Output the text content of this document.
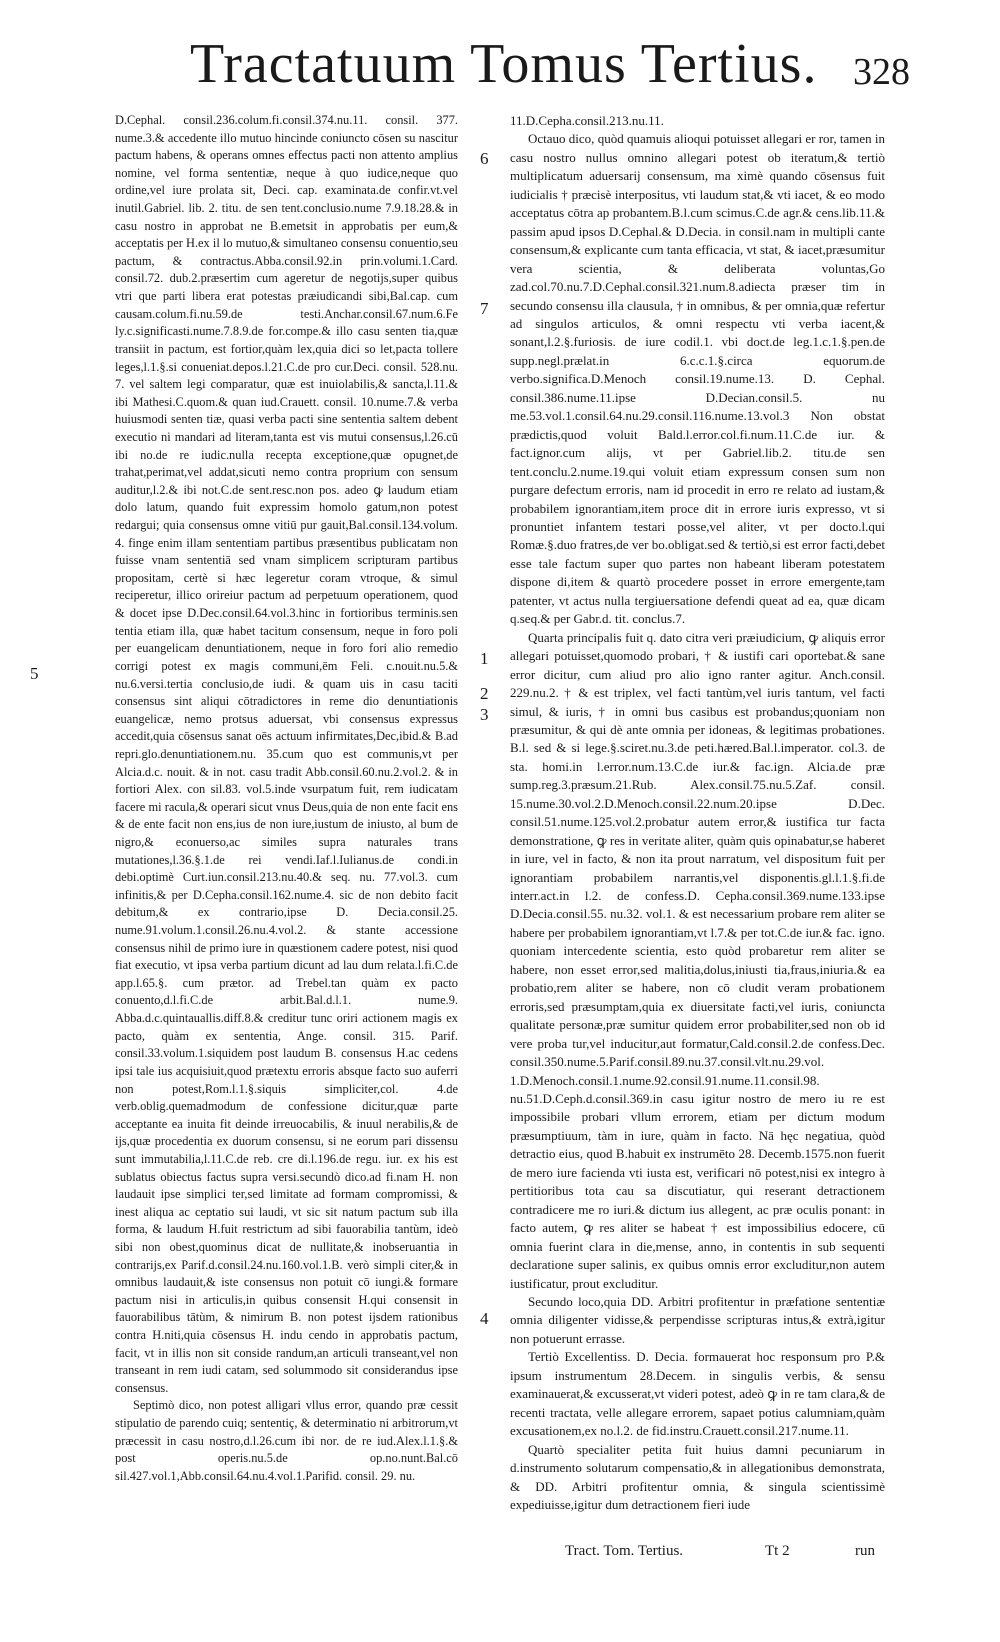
Tractatuum Tomus Tertius. 328

D.Cephal. consil.236.colum.fi.consil.374.nu.11. consil. 377. nume.3.& accedente illo mutuo hincinde coniuncto cōsen su nascitur pactum habens, & operans omnes effectus pacti non attento amplius nomine, vel forma sententiæ, neque à quo iudice,neque quo ordine,vel iure prolata sit, Deci. cap. examinata.de confir.vt.vel inutil.Gabriel. lib. 2. titu. de sen tent.conclusio.nume 7.9.18.28.& in casu nostro in approbat ne B.emetsit in approbatis per eum,& acceptatis per H.ex il lo mutuo,& simultaneo consensu conuentio,seu pactum, & contractus.Abba.consil.92.in prin.volumi.1.Card. consil.72. dub.2.præsertim cum ageretur de negotijs,super quibus vtri que parti libera erat potestas præiudicandi sibi,Bal.cap. cum causam.colum.fi.nu.59.de testi.Anchar.consil.67.num.6.Fe ly.c.significasti.nume.7.8.9.de for.compe.& illo casu senten tia,quæ transiit in pactum, est fortior,quàm lex,quia dici so let,pacta tollere leges,l.1.§.si conueniat.depos.l.21.C.de pro cur.Deci. consil. 528.nu. 7. vel saltem legi comparatur, quæ est inuiolabilis,& sancta,l.11.& ibi Mathesi.C.quom.& quan iud.Crauett. consil. 10.nume.7.& verba huiusmodi senten tiæ, quasi verba pacti sine sententia saltem debent executio ni mandari ad literam,tanta est vis mutui consensus,l.26.cū ibi no.de re iudic.nulla recepta exceptione,quæ opugnet,de trahat,perimat,vel addat,sicuti nemo contra proprium con sensum auditur,l.2.& ibi not.C.de sent.resc.non pos. adeo ꝙ laudum etiam dolo latum, quando fuit expressim homolo gatum,non potest redargui; quia consensus omne vitiū pur gauit,Bal.consil.134.volum. 4. finge enim illam sententiam partibus præsentibus publicatam non fuisse vnam sententiā sed vnam simplicem scripturam partibus propositam, certè si hæc legeretur coram vtroque, & simul reciperetur, illico orireiur pactum ad perpetuum operationem, quod & docet ipse D.Dec.consil.64.vol.3.hinc in fortioribus terminis.sen tentia etiam illa, quæ habet tacitum consensum, neque in foro poli per euangelicam denuntiationem, neque in foro fori alio remedio corrigi potest ex magis communi,ēm Feli. c.nouit.nu.5.& nu.6.versi.tertia conclusio,de iudi. & quam uis in casu taciti consensus sint aliqui cōtradictores in reme dio denuntiationis euangelicæ, nemo protsus aduersat, vbi consensus expressus accedit,quia cōsensus sanat oēs actuum infirmitates,Dec,ibid.& B.ad repri.glo.denuntiationem.nu. 35.cum quo est communis,vt per Alcia.d.c. nouit. & in not. casu tradit Abb.consil.60.nu.2.vol.2. & in fortiori Alex. con sil.83. vol.5.inde vsurpatum fuit, rem iudicatam facere mi racula,& operari sicut vnus Deus,quia de non ente facit ens & de ente facit non ens,ius de non iure,iustum de iniusto, al bum de nigro,& econuerso,ac similes supra naturales trans mutationes,l.36.§.1.de rei vendi.Iaf.l.Iulianus.de condi.in debi.optimè Curt.iun.consil.213.nu.40.& seq. nu. 77.vol.3. cum infinitis,& per D.Cepha.consil.162.nume.4. sic de non debito facit debitum,& ex contrario,ipse D. Decia.consil.25. nume.91.volum.1.consil.26.nu.4.vol.2. & stante accessione consensus nihil de primo iure in quæstionem cadere potest, nisi quod fiat executio, vt ipsa verba partium dicunt ad lau dum relata.l.fi.C.de app.l.65.§. cum prætor. ad Trebel.tan quàm ex pacto conuento,d.l.fi.C.de arbit.Bal.d.l.1. nume.9. Abba.d.c.quintauallis.diff.8.& creditur tunc oriri actionem magis ex pacto, quàm ex sententia, Ange. consil. 315. Parif. consil.33.volum.1.siquidem post laudum B. consensus H.ac cedens ipsi tale ius acquisiuit,quod prætextu erroris absque facto suo auferri non potest,Rom.l.1.§.siquis simpliciter,col. 4.de verb.oblig.quemadmodum de confessione dicitur,quæ parte acceptante ea inuita fit deinde irreuocabilis, & inuul nerabilis,& de ijs,quæ procedentia ex duorum consensu, si ne eorum pari dissensu sunt immutabilia,l.11.C.de reb. cre di.l.196.de regu. iur. ex his est sublatus obiectus factus supra versi.secundò dico.ad fi.nam H. non laudauit ipse simplici ter,sed limitate ad formam compromissi, & inest aliqua ac ceptatio sui laudi, vt sic sit natum pactum sub illa forma, & laudum H.fuit restrictum ad sibi fauorabilia tantùm, ideò sibi non obest,quominus dicat de nullitate,& inobseruantia in contrarijs,ex Parif.d.consil.24.nu.160.vol.1.B. verò simpli citer,& in omnibus laudauit,& iste consensus non potuit cō iungi.& formare pactum nisi in articulis,in quibus consensit H.qui consensit in fauorabilibus tātùm, & nimirum B. non potest ijsdem rationibus contra H.niti,quia cōsensus H. indu cendo in approbatis pactum, facit, vt in illis non sit conside randum,an articuli transeant,vel non transeant in rem iudi catam, sed solummodo sit considerandus ipse consensus.

Septimò dico, non potest alligari vllus error, quando præ cessit stipulatio de parendo cuiq; sententiç, & determinatio ni arbitrorum,vt præcessit in casu nostro,d.l.26.cum ibi nor. de re iud.Alex.l.1.§.& post operis.nu.5.de op.no.nunt.Bal.cō sil.427.vol.1,Abb.consil.64.nu.4.vol.1.Parifid. consil. 29. nu.

11.D.Cepha.consil.213.nu.11.

Octauo dico, quòd quamuis alioqui potuisset allegari er ror, tamen in casu nostro nullus omnino allegari potest ob iteratum,& tertiò multiplicatum aduersarij consensum, ma ximè quando cōsensus fuit iudicialis † præcisè interpositus, vti laudum stat,& vti iacet, & eo modo acceptatus cōtra ap probantem.B.l.cum scimus.C.de agr.& cens.lib.11.& passim apud ipsos D.Cephal.& D.Decia. in consil.nam in multipli cante consensum,& explicante cum tanta efficacia, vt stat, & iacet,præsumitur vera scientia, & deliberata voluntas,Go zad.col.70.nu.7.D.Cephal.consil.321.num.8.adiecta præser tim in secundo consensu illa clausula, † in omnibus, & per omnia,quæ refertur ad singulos articulos, & omni respectu vti verba iacent,& sonant,l.2.§.furiosis. de iure codil.1. vbi doct.de leg.1.c.1.§.pen.de supp.negl.prælat.in 6.c.c.1.§.circa equorum.de verbo.significa.D.Menoch consil.19.nume.13. D. Cephal. consil.386.nume.11.ipse D.Decian.consil.5. nu me.53.vol.1.consil.64.nu.29.consil.116.nume.13.vol.3 Non obstat prædictis,quod voluit Bald.l.error.col.fi.num.11.C.de iur. & fact.ignor.cum alijs, vt per Gabriel.lib.2. titu.de sen tent.conclu.2.nume.19.qui voluit etiam expressum consen sum non purgare defectum erroris, nam id procedit in erro re relato ad iustam,& probabilem ignorantiam,item proce dit in errore iuris expresso, vt si pronuntiet infantem testari posse,vel aliter, vt per docto.l.qui Romæ.§.duo fratres,de ver bo.obligat.sed & tertiò,si est error facti,debet esse tale factum super quo partes non habeant liberam potestatem dispone di,item & quartò procedere posset in errore emergente,tam patenter, vt actus nulla tergiuersatione defendi queat ad ea, quæ dicam q.seq.& per Gabr.d. tit. conclus.7.

Quarta principalis fuit q. dato citra veri præiudicium, ꝙ aliquis error allegari potuisset,quomodo probari, † & iustifi cari oportebat.& sane error dicitur, cum aliud pro alio igno ranter agitur. Anch.consil. 229.nu.2. † & est triplex, vel facti tantùm,vel iuris tantum, vel facti simul, & iuris, † in omni bus casibus est probandus;quoniam non præsumitur, & qui dè ante omnia per idoneas, & legitimas probationes. B.l. sed & si lege.§.sciret.nu.3.de peti.hæred.Bal.l.imperator. col.3. de sta. homi.in l.error.num.13.C.de iur.& fac.ign. Alcia.de præ sump.reg.3.præsum.21.Rub. Alex.consil.75.nu.5.Zaf. consil. 15.nume.30.vol.2.D.Menoch.consil.22.num.20.ipse D.Dec. consil.51.nume.125.vol.2.probatur autem error,& iustifica tur facta demonstratione, ꝙ res in veritate aliter, quàm quis opinabatur,se haberet in iure, vel in facto, & non ita prout narratum, vel dispositum fuit per ignorantiam probabilem narrantis,vel disponentis.gl.l.1.§.fi.de interr.act.in l.2. de confess.D. Cepha.consil.369.nume.133.ipse D.Decia.consil.55. nu.32. vol.1. & est necessarium probare rem aliter se habere per probabilem ignorantiam,vt l.7.& per tot.C.de iur.& fac. igno. quoniam intercedente scientia, esto quòd probaretur rem aliter se habere, non esset error,sed malitia,dolus,iniusti tia,fraus,iniuria.& ea probatio,rem aliter se habere, non cō cludit veram probationem erroris,sed præsumptam,quia ex diuersitate facti,vel iuris, coniuncta qualitate personæ,præ sumitur quidem error probabiliter,sed non ob id vere proba tur,vel inducitur,aut formatur,Cald.consil.2.de confess.Dec. consil.350.nume.5.Parif.consil.89.nu.37.consil.vlt.nu.29.vol. 1.D.Menoch.consil.1.nume.92.consil.91.nume.11.consil.98. nu.51.D.Ceph.d.consil.369.in casu igitur nostro de mero iu re est impossibile probari vllum errorem, etiam per dictum modum præsumptiuum, tàm in iure, quàm in facto. Nā hęc negatiua, quòd detractio eius, quod B.habuit ex instrumēto 28. Decemb.1575.non fuerit de mero iure facienda vti iusta est, verificari nō potest,nisi ex integro à pertitioribus tota cau sa discutiatur, qui reserant detractionem contradicere me ro iuri.& dictum ius allegent, ac præ oculis ponant: in facto autem, ꝙ res aliter se habeat † est impossibilius edocere, cū omnia fuerint clara in die,mense, anno, in contentis in sub sequenti declaratione super salinis, ex quibus omnis error excluditur,non autem iustificatur, prout excluditur.

Secundo loco,quia DD. Arbitri profitentur in præfatione sententiæ omnia diligenter vidisse,& perpendisse scripturas intus,& extrà,igitur non potuerunt errasse.

Tertiò Excellentiss. D. Decia. formauerat hoc responsum pro P.& ipsum instrumentum 28.Decem. in singulis verbis, & sensu examinauerat,& excusserat,vt videri potest, adeò ꝙ in re tam clara,& de recenti tractata, velle allegare errorem, sapaet potius calumniam,quàm excusationem,ex no.l.2. de fid.instru.Crauett.consil.217.nume.11.

Quartò specialiter petita fuit huius damni pecuniarum in d.instrumento solutarum compensatio,& in allegationibus demonstrata, & DD. Arbitri profitentur omnia, & singula scientissimè expediuisse,igitur dum detractionem fieri iude

6
7
1
5
2
3
4
Tract. Tom. Tertius.	Tt 2	run
